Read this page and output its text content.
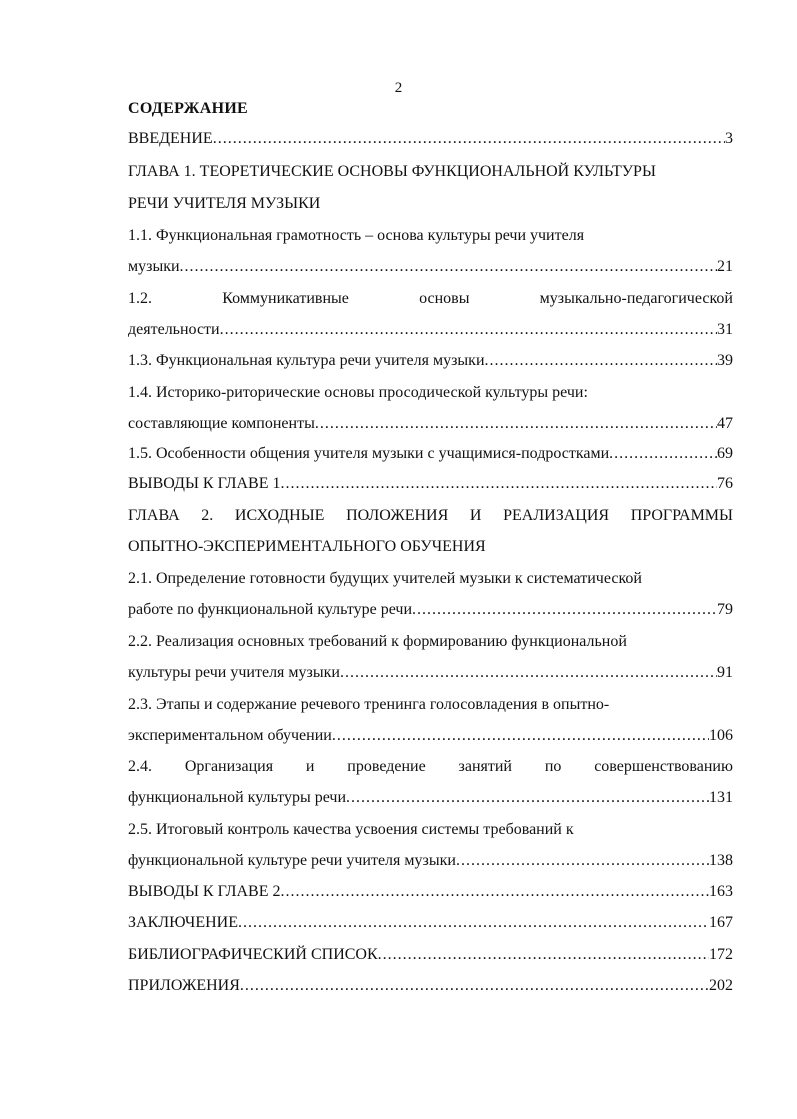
2
СОДЕРЖАНИЕ
ВВЕДЕНИЕ .....	3
ГЛАВА 1. ТЕОРЕТИЧЕСКИЕ ОСНОВЫ ФУНКЦИОНАЛЬНОЙ КУЛЬТУРЫ
РЕЧИ УЧИТЕЛЯ МУЗЫКИ
1.1. Функциональная грамотность – основа культуры речи учителя
музыки .....	21
1.2.	Коммуникативные	основы	музыкально-педагогической
деятельности .....	31
1.3. Функциональная культура речи учителя музыки .....	39
1.4. Историко-риторические основы просодической культуры речи:
составляющие компоненты .....	47
1.5. Особенности общения учителя музыки с учащимися-подростками .....	69
ВЫВОДЫ К ГЛАВЕ 1 .....	76
ГЛАВА 2. ИСХОДНЫЕ ПОЛОЖЕНИЯ И РЕАЛИЗАЦИЯ ПРОГРАММЫ
ОПЫТНО-ЭКСПЕРИМЕНТАЛЬНОГО ОБУЧЕНИЯ
2.1. Определение готовности будущих учителей музыки к систематической
работе по функциональной культуре речи .....	79
2.2. Реализация основных требований к формированию функциональной
культуры речи учителя музыки .....	91
2.3. Этапы и содержание речевого тренинга голосовладения в опытно-
экспериментальном обучении .....	106
2.4. Организация и проведение занятий по совершенствованию
функциональной культуры речи .....	131
2.5. Итоговый контроль качества усвоения системы требований к
функциональной культуре речи учителя музыки .....	138
ВЫВОДЫ К ГЛАВЕ 2 .....	163
ЗАКЛЮЧЕНИЕ .....	167
БИБЛИОГРАФИЧЕСКИЙ СПИСОК .....	172
ПРИЛОЖЕНИЯ .....	202
